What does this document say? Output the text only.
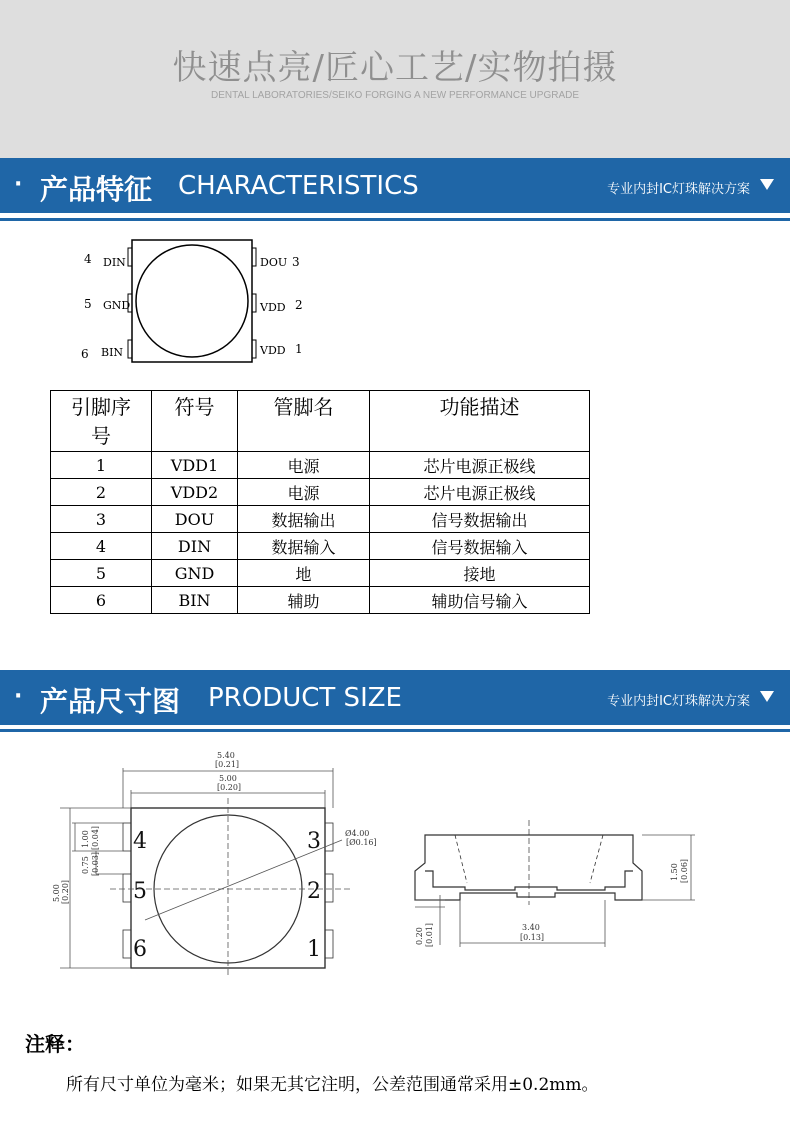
快速点亮/匠心工艺/实物拍摄
DENTAL LABORATORIES/SEIKO FORGING A NEW PERFORMANCE UPGRADE
· 产品特征 CHARACTERISTICS	专业内封IC灯珠解决方案
4 DIN
5 GND
6 BIN
DOU 3
VDD 2
VDD 1
引脚序号	符号	管脚名	功能描述
1	VDD1	电源	芯片电源正极线
2	VDD2	电源	芯片电源正极线
3	DOU	数据输出	信号数据输出
4	DIN	数据输入	信号数据输入
5	GND	地	接地
6	BIN	辅助	辅助信号输入
· 产品尺寸图 PRODUCT SIZE	专业内封IC灯珠解决方案
5.40
[0.21]
5.00
[0.20]
Ø4.00
[Ø0.16]
1.00 [0.04]
0.75 [0.03]
5.00 [0.20]
1
2
3
4
5
6
3.40
[0.13]
1.50 [0.06]
0.20 [0.01]
注释：
所有尺寸单位为毫米；如果无其它注明，公差范围通常采用±0.2mm。
